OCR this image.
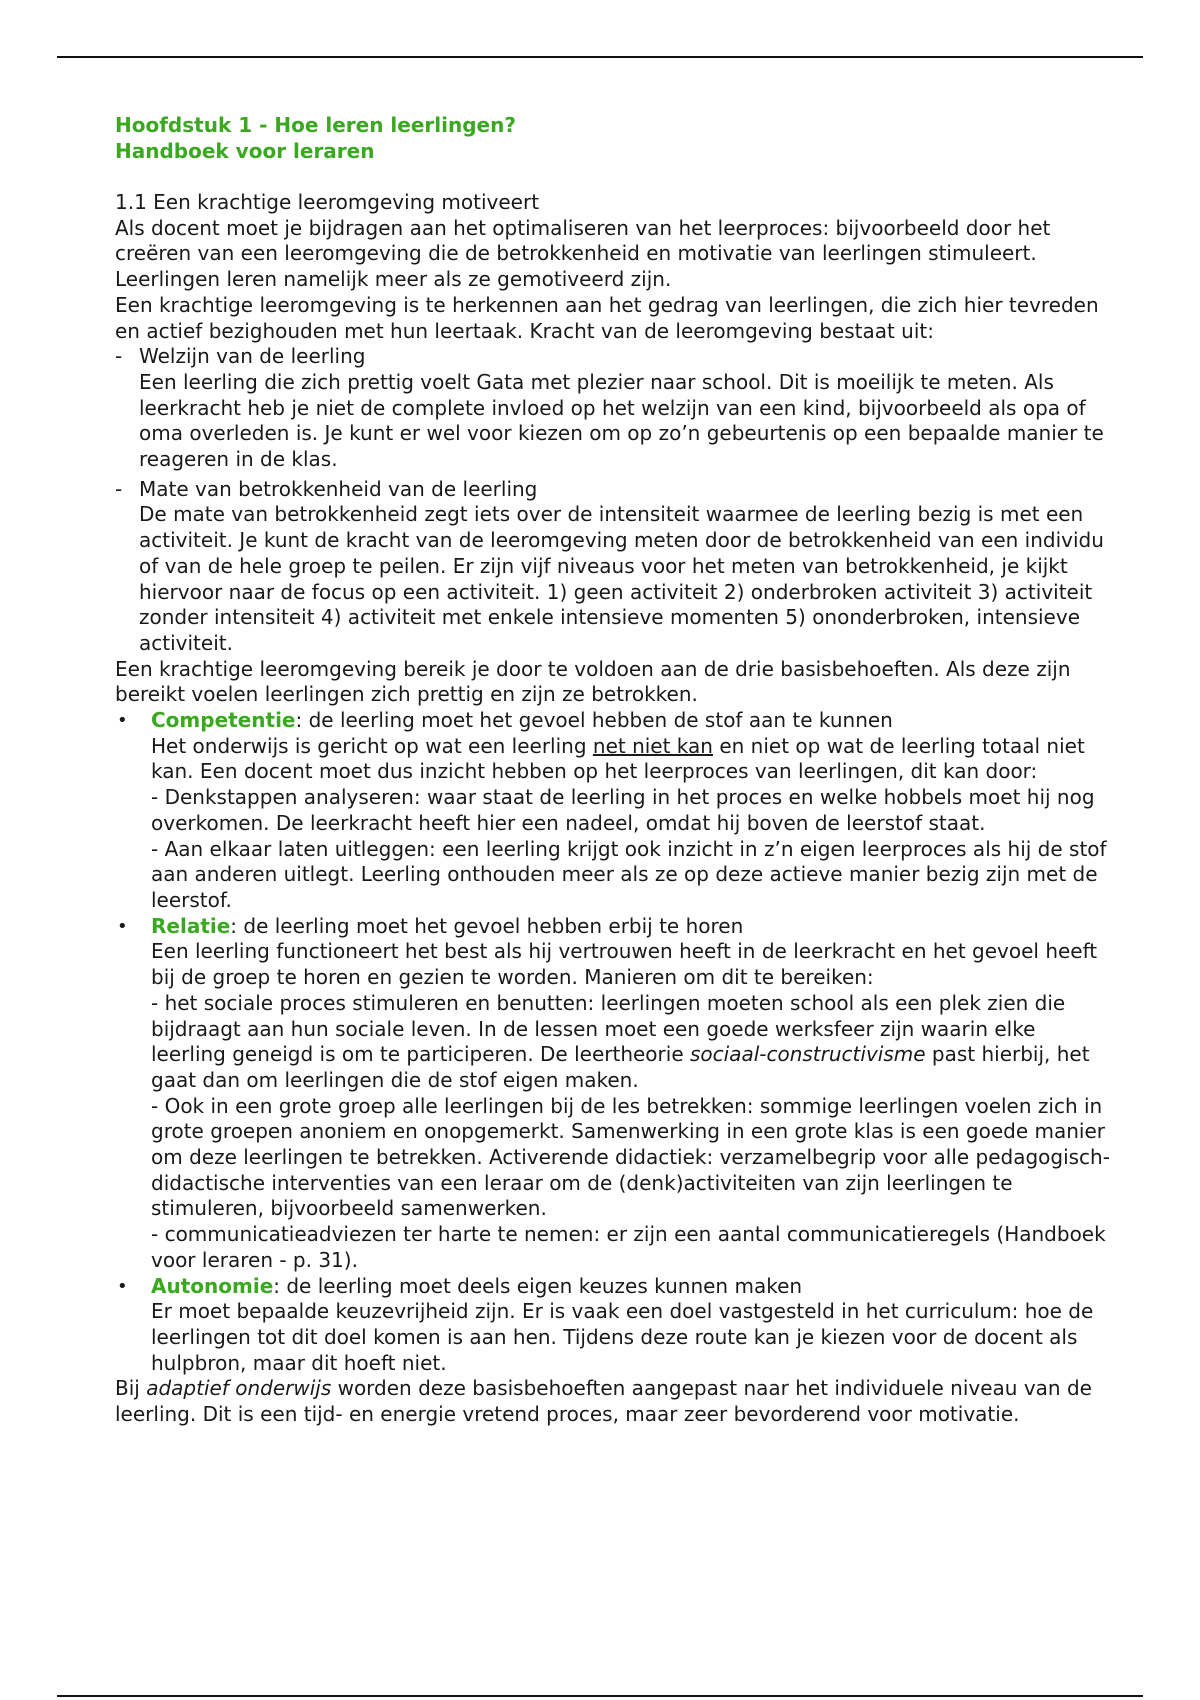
Hoofdstuk 1 - Hoe leren leerlingen?
Handboek voor leraren

1.1 Een krachtige leeromgeving motiveert

Als docent moet je bijdragen aan het optimaliseren van het leerproces: bijvoorbeeld door het creëren van een leeromgeving die de betrokkenheid en motivatie van leerlingen stimuleert. Leerlingen leren namelijk meer als ze gemotiveerd zijn.

Een krachtige leeromgeving is te herkennen aan het gedrag van leerlingen, die zich hier tevreden en actief bezighouden met hun leertaak. Kracht van de leeromgeving bestaat uit:

- Welzijn van de leerling

Een leerling die zich prettig voelt Gata met plezier naar school. Dit is moeilijk te meten. Als leerkracht heb je niet de complete invloed op het welzijn van een kind, bijvoorbeeld als opa of oma overleden is. Je kunt er wel voor kiezen om op zo’n gebeurtenis op een bepaalde manier te reageren in de klas.

- Mate van betrokkenheid van de leerling

De mate van betrokkenheid zegt iets over de intensiteit waarmee de leerling bezig is met een activiteit. Je kunt de kracht van de leeromgeving meten door de betrokkenheid van een individu of van de hele groep te peilen. Er zijn vijf niveaus voor het meten van betrokkenheid, je kijkt hiervoor naar de focus op een activiteit. 1) geen activiteit 2) onderbroken activiteit 3) activiteit zonder intensiteit 4) activiteit met enkele intensieve momenten 5) ononderbroken, intensieve activiteit.

Een krachtige leeromgeving bereik je door te voldoen aan de drie basisbehoeften. Als deze zijn bereikt voelen leerlingen zich prettig en zijn ze betrokken.

• Competentie: de leerling moet het gevoel hebben de stof aan te kunnen

Het onderwijs is gericht op wat een leerling net niet kan en niet op wat de leerling totaal niet kan. Een docent moet dus inzicht hebben op het leerproces van leerlingen, dit kan door:

- Denkstappen analyseren: waar staat de leerling in het proces en welke hobbels moet hij nog overkomen. De leerkracht heeft hier een nadeel, omdat hij boven de leerstof staat.

- Aan elkaar laten uitleggen: een leerling krijgt ook inzicht in z’n eigen leerproces als hij de stof aan anderen uitlegt. Leerling onthouden meer als ze op deze actieve manier bezig zijn met de leerstof.

• Relatie: de leerling moet het gevoel hebben erbij te horen

Een leerling functioneert het best als hij vertrouwen heeft in de leerkracht en het gevoel heeft bij de groep te horen en gezien te worden. Manieren om dit te bereiken:

- het sociale proces stimuleren en benutten: leerlingen moeten school als een plek zien die bijdraagt aan hun sociale leven. In de lessen moet een goede werksfeer zijn waarin elke leerling geneigd is om te participeren. De leertheorie sociaal-constructivisme past hierbij, het gaat dan om leerlingen die de stof eigen maken.

- Ook in een grote groep alle leerlingen bij de les betrekken: sommige leerlingen voelen zich in grote groepen anoniem en onopgemerkt. Samenwerking in een grote klas is een goede manier om deze leerlingen te betrekken. Activerende didactiek: verzamelbegrip voor alle pedagogisch-didactische interventies van een leraar om de (denk)activiteiten van zijn leerlingen te stimuleren, bijvoorbeeld samenwerken.

- communicatieadviezen ter harte te nemen: er zijn een aantal communicatieregels (Handboek voor leraren - p. 31).

• Autonomie: de leerling moet deels eigen keuzes kunnen maken

Er moet bepaalde keuzevrijheid zijn. Er is vaak een doel vastgesteld in het curriculum: hoe de leerlingen tot dit doel komen is aan hen. Tijdens deze route kan je kiezen voor de docent als hulpbron, maar dit hoeft niet.

Bij adaptief onderwijs worden deze basisbehoeften aangepast naar het individuele niveau van de leerling. Dit is een tijd- en energie vretend proces, maar zeer bevorderend voor motivatie.
